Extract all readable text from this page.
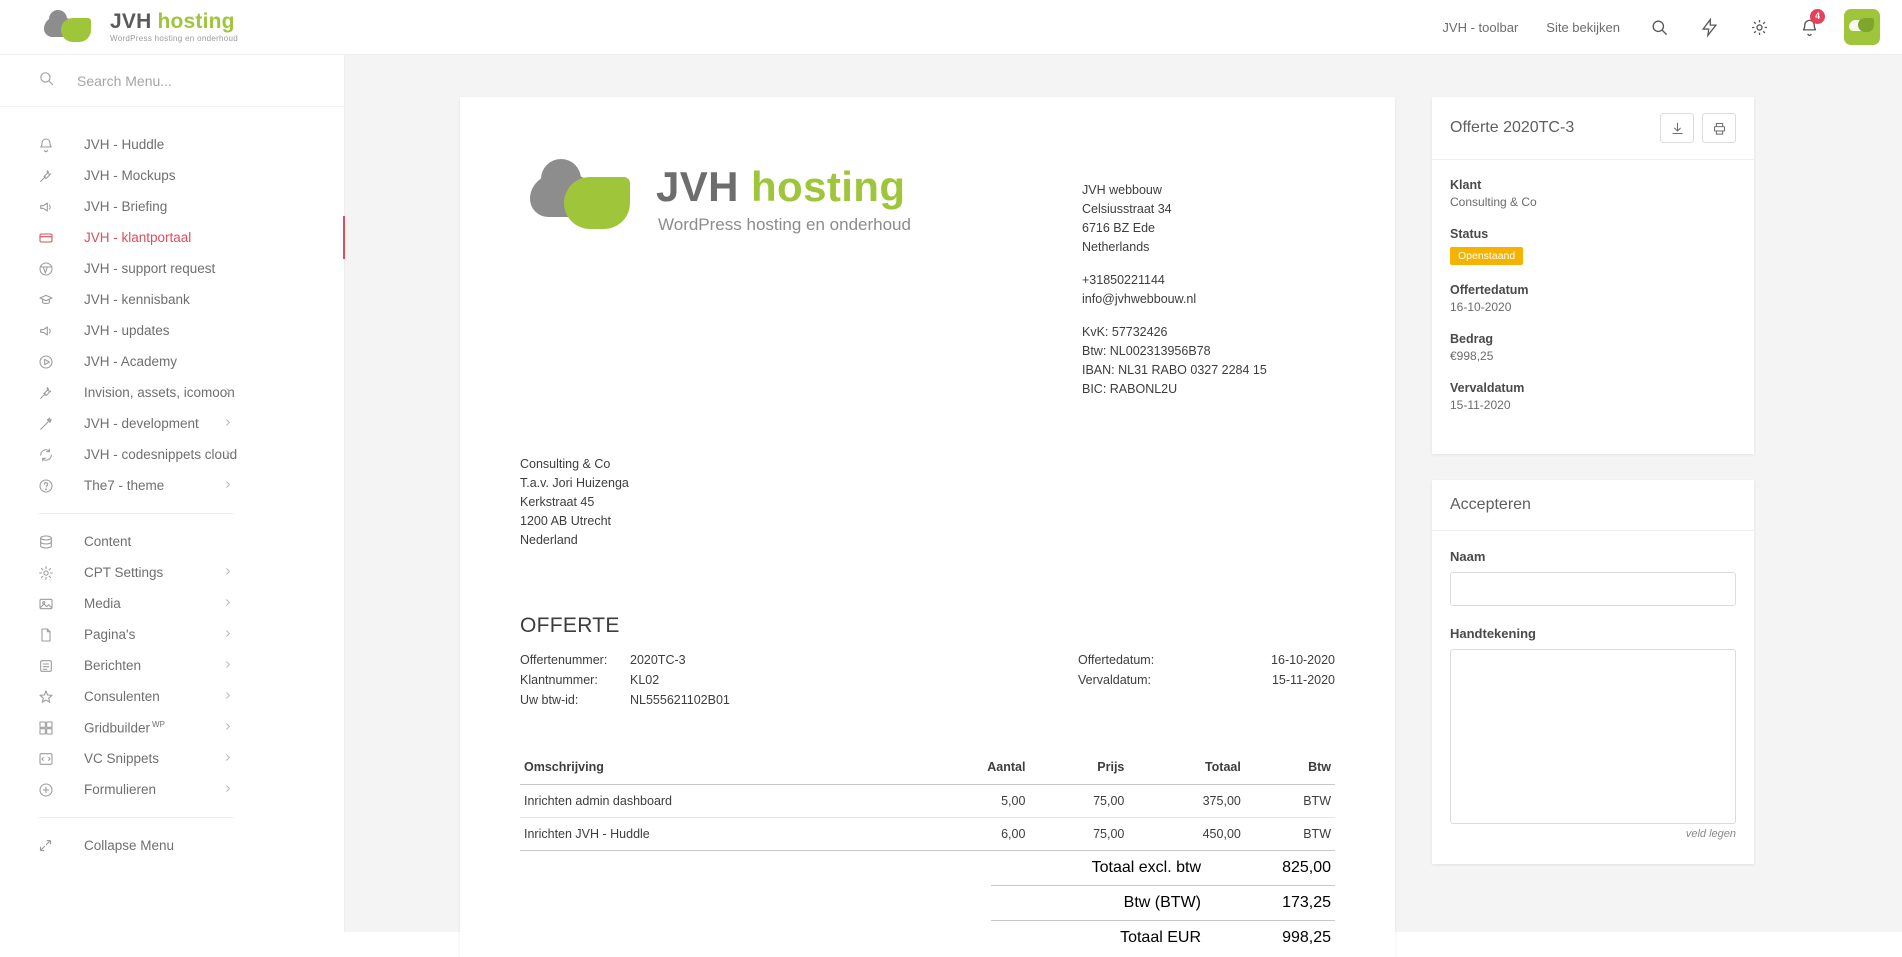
JVH hosting
WordPress hosting en onderhoud
JVH - toolbar	Site bekijken
4
Search Menu...
JVH - Huddle
JVH - Mockups
JVH - Briefing
JVH - klantportaal
JVH - support request
JVH - kennisbank
JVH - updates
JVH - Academy
Invision, assets, icomoon
JVH - development
JVH - codesnippets cloud
The7 - theme
Content
CPT Settings
Media
Pagina's
Berichten
Consulenten
Gridbuilder $^{WP}$
VC Snippets
Formulieren
Collapse Menu
JVH hosting
WordPress hosting en onderhoud
JVH webbouw
Celsiusstraat 34
6716 BZ Ede
Netherlands
+31850221144
info@jvhwebbouw.nl
KvK: 57732426
Btw: NL002313956B78
IBAN: NL31 RABO 0327 2284 15
BIC: RABONL2U
Consulting & Co
T.a.v. Jori Huizenga
Kerkstraat 45
1200 AB Utrecht
Nederland
OFFERTE
Offertenummer:	2020TC-3
Klantnummer:	KL02
Uw btw-id:	NL555621102B01
Offertedatum:	16-10-2020
Vervaldatum:	15-11-2020
Omschrijving	Aantal	Prijs	Totaal	Btw
Inrichten admin dashboard	5,00	75,00	375,00	BTW
Inrichten JVH - Huddle	6,00	75,00	450,00	BTW
Totaal excl. btw	825,00
Btw (BTW)	173,25
Totaal EUR	998,25
Offerte 2020TC-3
Klant
Consulting & Co
Status
Openstaand
Offertedatum
16-10-2020
Bedrag
€998,25
Vervaldatum
15-11-2020
Accepteren
Naam
Handtekening
veld legen
